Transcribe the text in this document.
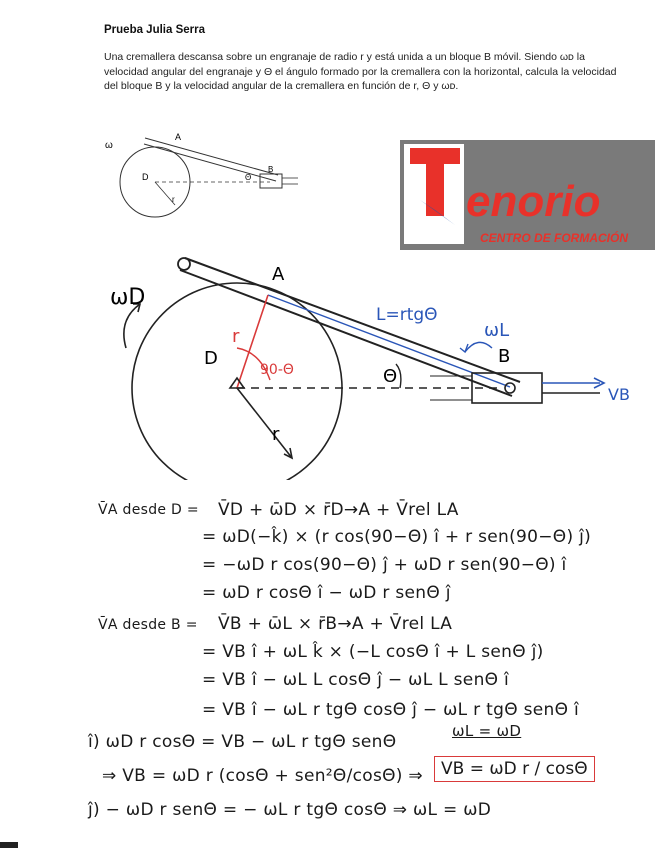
Prueba Julia Serra
Una cremallera descansa sobre un engranaje de radio r y está unida a un bloque B móvil. Siendo ωᴅ la velocidad angular del engranaje y Θ el ángulo formado por la cremallera con la horizontal, calcula la velocidad del bloque B y la velocidad angular de la cremallera en función de r, Θ y ωᴅ.
ω
A
D
B
Θ
r
T
enorio
CENTRO DE FORMACIÓN
ωD
A
D	B
L=rtgΘ
ωL
90-Θ	Θ
r
r
VB
V̄A desde D = V̄D + ω̄D × r̄D→A + V̄rel LA
= ωD(−k̂) × (r cos(90−Θ) î + r sen(90−Θ) ĵ)
= −ωD r cos(90−Θ) ĵ + ωD r sen(90−Θ) î
= ωD r cosΘ î − ωD r senΘ ĵ
V̄A desde B = V̄B + ω̄L × r̄B→A + V̄rel LA
= VB î + ωL k̂ × (−L cosΘ î + L senΘ ĵ)
= VB î − ωL L cosΘ ĵ − ωL L senΘ î
= VB î − ωL r tgΘ cosΘ ĵ − ωL r tgΘ senΘ î
î) ωD r cosΘ = VB − ωL r tgΘ senΘ
ωL = ωD
⇒ VB = ωD r (cosΘ + sen²Θ/cosΘ) ⇒	VB = ωD r / cosΘ
ĵ) − ωD r senΘ = − ωL r tgΘ cosΘ ⇒ ωL = ωD
